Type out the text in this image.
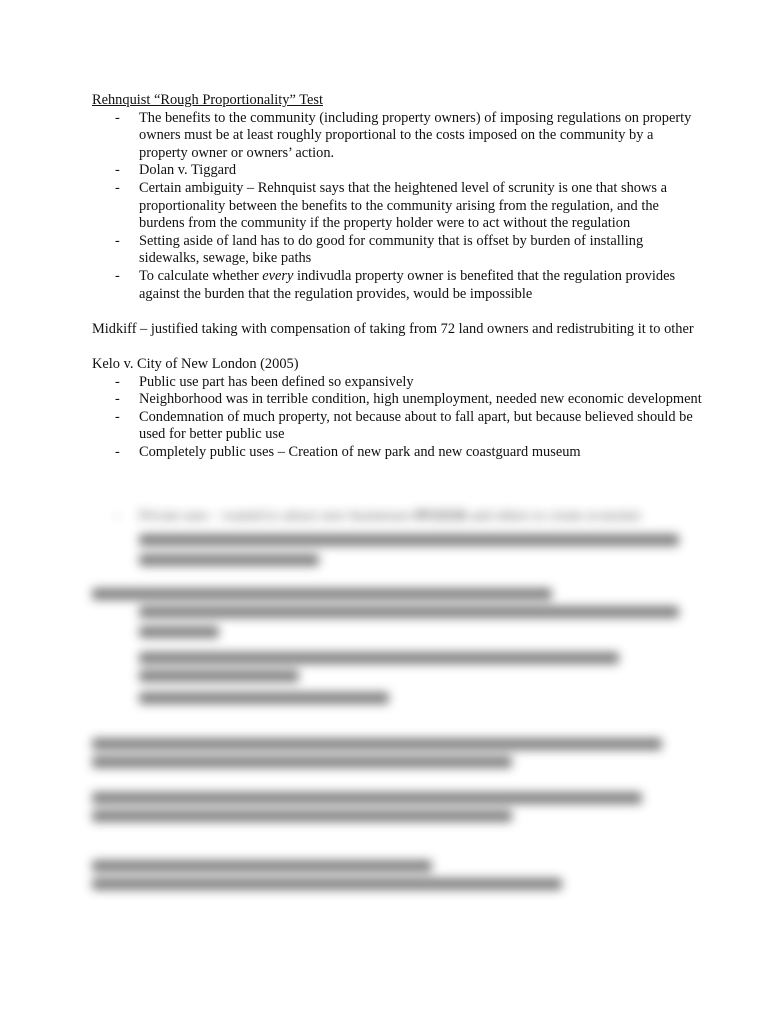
Rehnquist “Rough Proportionality” Test

- The benefits to the community (including property owners) of imposing regulations on property owners must be at least roughly proportional to the costs imposed on the community by a property owner or owners’ action.
- Dolan v. Tiggard
- Certain ambiguity – Rehnquist says that the heightened level of scrunity is one that shows a proportionality between the benefits to the community arising from the regulation, and the burdens from the community if the property holder were to act without the regulation
- Setting aside of land has to do good for community that is offset by burden of installing sidewalks, sewage, bike paths
- To calculate whether every indivudla property owner is benefited that the regulation provides against the burden that the regulation provides, would be impossible

Midkiff – justified taking with compensation of taking from 72 land owners and redistrubiting it to other

Kelo v. City of New London (2005)

- Public use part has been defined so expansively
- Neighborhood was in terrible condition, high unemployment, needed new economic development
- Condemnation of much property, not because about to fall apart, but because believed should be used for better public use
- Completely public uses – Creation of new park and new coastguard museum
-	Private uses – wanted to attract new businesses PFIZER and others to create economic
